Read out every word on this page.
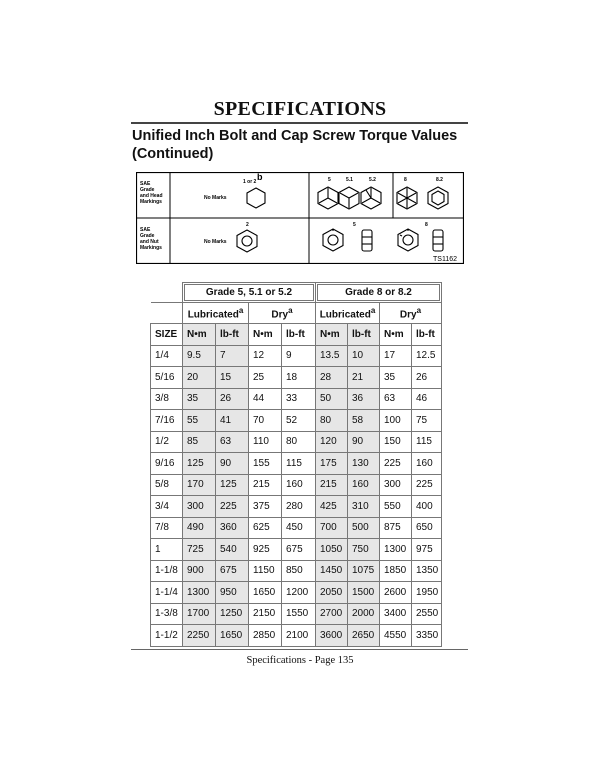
SPECIFICATIONS
Unified Inch Bolt and Cap Screw Torque Values (Continued)
SAE Grade and Head Markings
SAE Grade and Nut Markings
No Marks
No Marks
1 or 2 b	5	5.1	5.2	8	8.2
2	5	8
TS1162

	Grade 5, 5.1 or 5.2				Grade 8 or 8.2			

	Lubricated$^a$		Dry$^a$		Lubricated$^a$		Dry$^a$
SIZE	N•m	lb-ft	N•m	lb-ft	N•m	lb-ft	N•m	lb-ft
1/4	9.5	7	12	9	13.5	10	17	12.5
5/16	20	15	25	18	28	21	35	26
3/8	35	26	44	33	50	36	63	46
7/16	55	41	70	52	80	58	100	75
1/2	85	63	110	80	120	90	150	115
9/16	125	90	155	115	175	130	225	160
5/8	170	125	215	160	215	160	300	225
3/4	300	225	375	280	425	310	550	400
7/8	490	360	625	450	700	500	875	650
1	725	540	925	675	1050	750	1300	975
1-1/8	900	675	1150	850	1450	1075	1850	1350
1-1/4	1300	950	1650	1200	2050	1500	2600	1950
1-3/8	1700	1250	2150	1550	2700	2000	3400	2550
1-1/2	2250	1650	2850	2100	3600	2650	4550	3350
Specifications - Page 135
